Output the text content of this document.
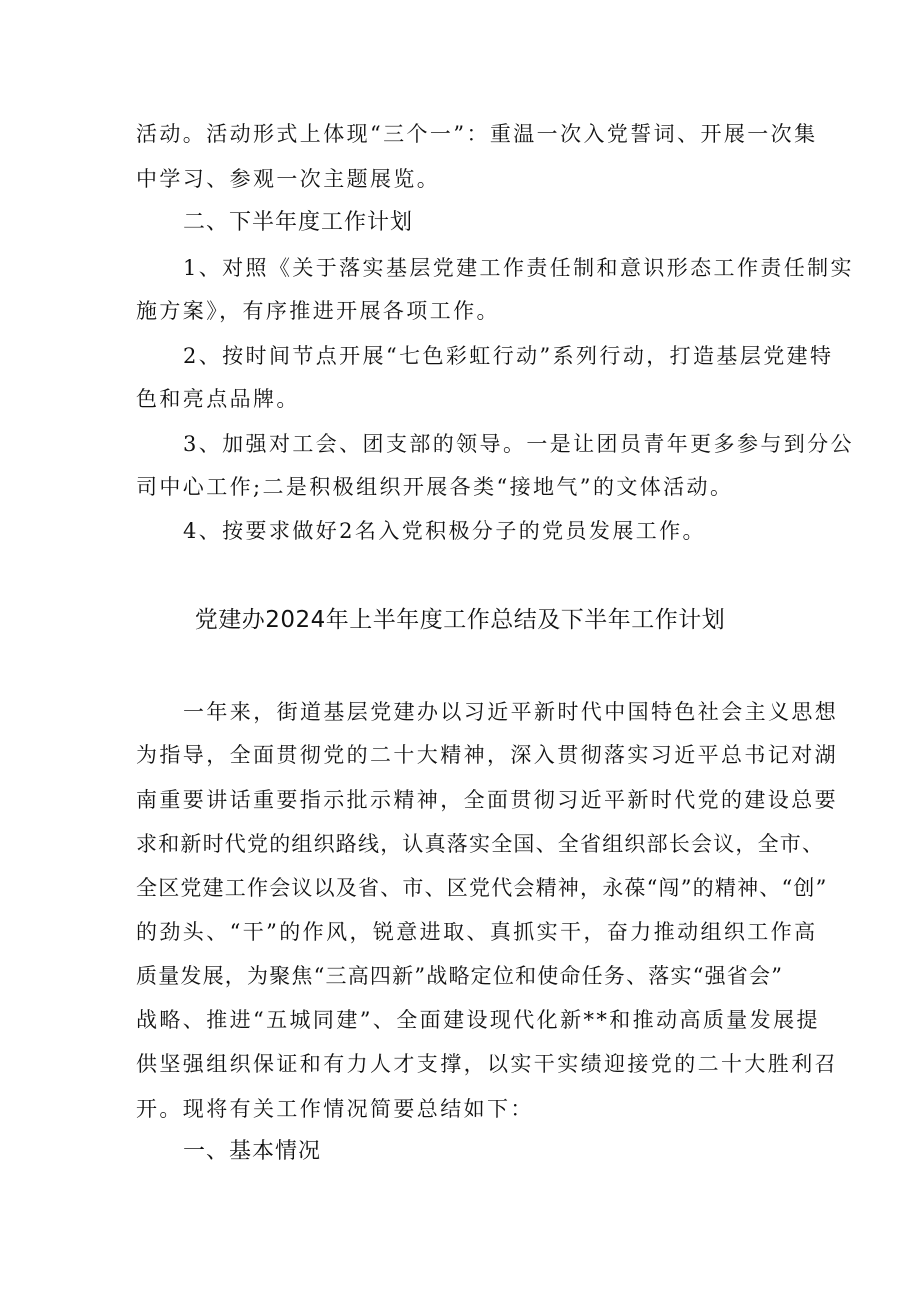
活动。活动形式上体现“三个一”：重温一次入党誓词、开展一次集
中学习、参观一次主题展览。
二、下半年度工作计划
1、对照《关于落实基层党建工作责任制和意识形态工作责任制实
施方案》，有序推进开展各项工作。
2、按时间节点开展“七色彩虹行动”系列行动，打造基层党建特
色和亮点品牌。
3、加强对工会、团支部的领导。一是让团员青年更多参与到分公
司中心工作;二是积极组织开展各类“接地气”的文体活动。
4、按要求做好2名入党积极分子的党员发展工作。
党建办2024年上半年度工作总结及下半年工作计划
一年来，街道基层党建办以习近平新时代中国特色社会主义思想
为指导，全面贯彻党的二十大精神，深入贯彻落实习近平总书记对湖
南重要讲话重要指示批示精神，全面贯彻习近平新时代党的建设总要
求和新时代党的组织路线，认真落实全国、全省组织部长会议，全市、
全区党建工作会议以及省、市、区党代会精神，永葆“闯”的精神、“创”
的劲头、“干”的作风，锐意进取、真抓实干，奋力推动组织工作高
质量发展，为聚焦“三高四新”战略定位和使命任务、落实“强省会”
战略、推进“五城同建”、全面建设现代化新**和推动高质量发展提
供坚强组织保证和有力人才支撑，以实干实绩迎接党的二十大胜利召
开。现将有关工作情况简要总结如下：
一、基本情况
